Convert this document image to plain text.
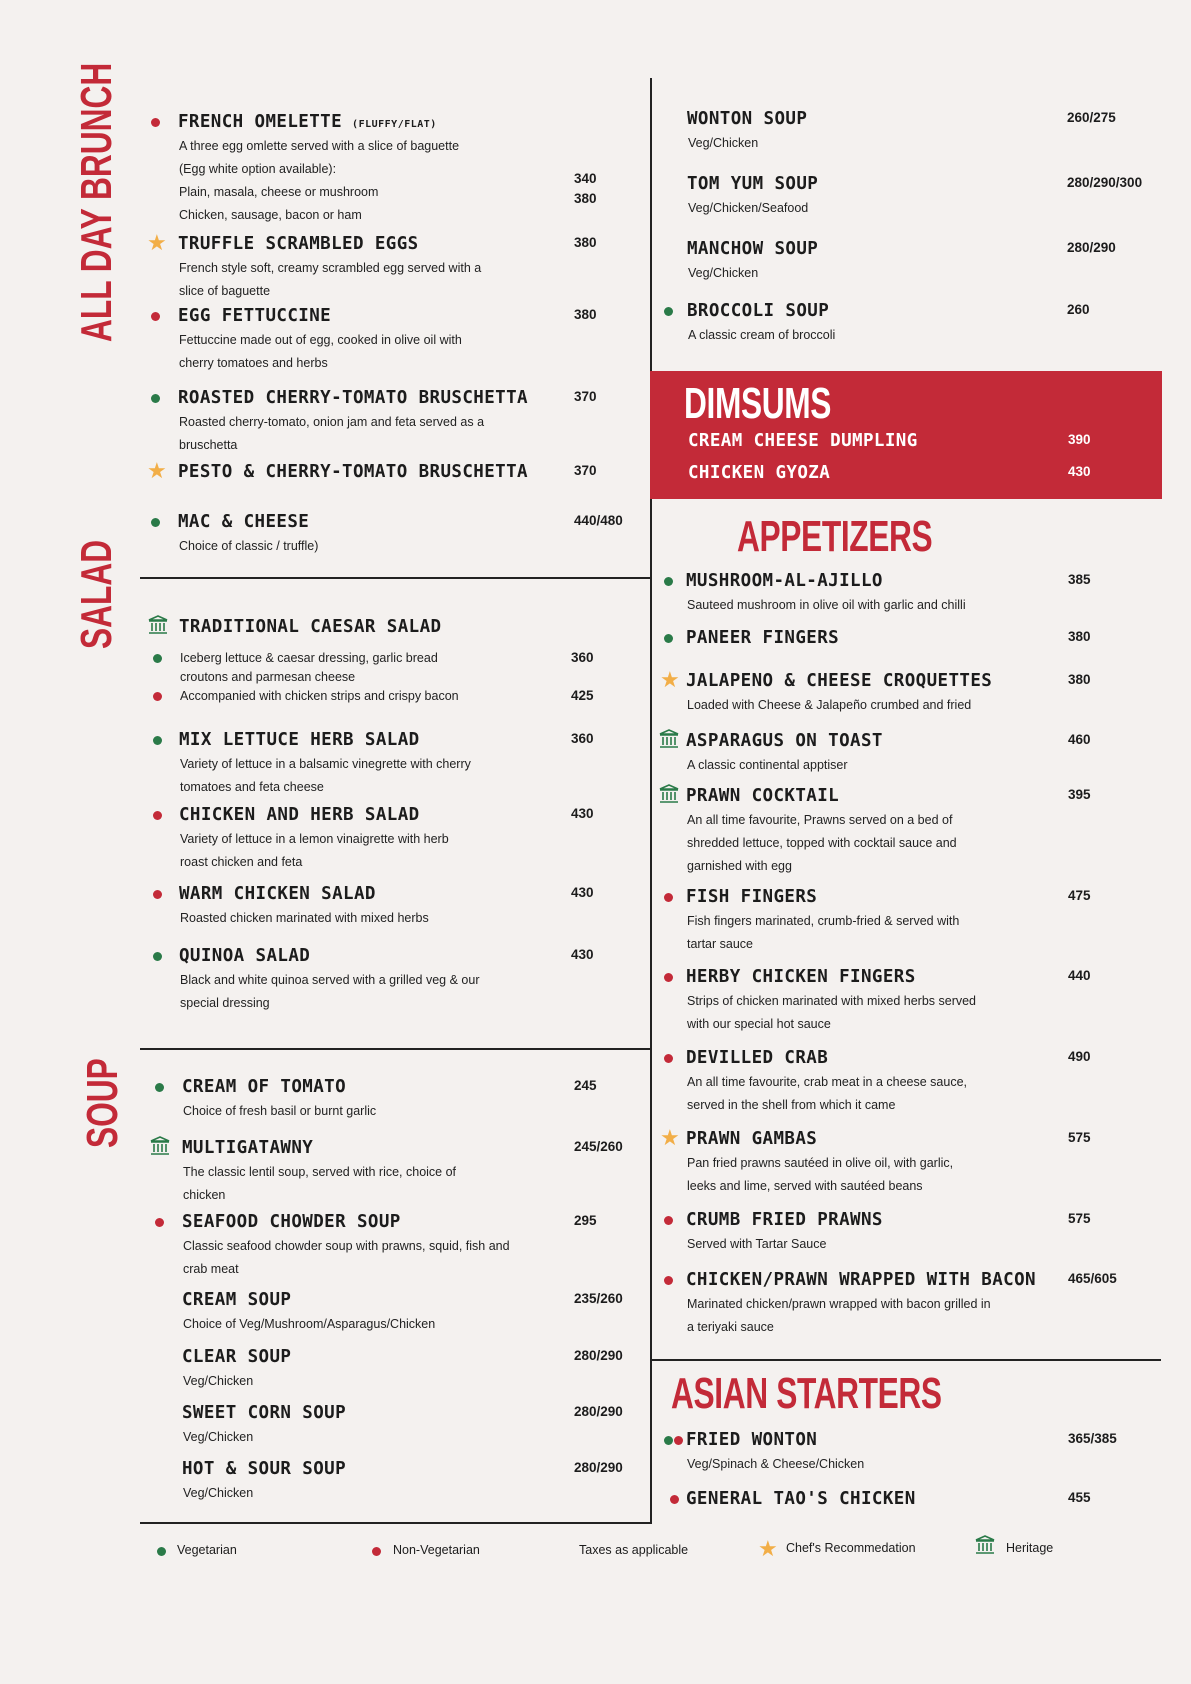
ALL DAY BRUNCH
SALAD
SOUP
DIMSUMS
CREAM CHEESE DUMPLING	390
CHICKEN GYOZA	430
APPETIZERS
ASIAN STARTERS
FRENCH OMELETTE (FLUFFY/FLAT)
A three egg omlette served with a slice of baguette
(Egg white option available):
Plain, masala, cheese or mushroom
Chicken, sausage, bacon or ham
340
380
★ TRUFFLE SCRAMBLED EGGS
French style soft, creamy scrambled egg served with a
slice of baguette
380
EGG FETTUCCINE
Fettuccine made out of egg, cooked in olive oil with
cherry tomatoes and herbs
380
ROASTED CHERRY-TOMATO BRUSCHETTA
Roasted cherry-tomato, onion jam and feta served as a
bruschetta
370
★ PESTO & CHERRY-TOMATO BRUSCHETTA	370
MAC & CHEESE
Choice of classic / truffle)
440/480
TRADITIONAL CAESAR SALAD
Iceberg lettuce & caesar dressing, garlic bread	360
croutons and parmesan cheese
Accompanied with chicken strips and crispy bacon	425
MIX LETTUCE HERB SALAD
Variety of lettuce in a balsamic vinegrette with cherry
tomatoes and feta cheese
360
CHICKEN AND HERB SALAD
Variety of lettuce in a lemon vinaigrette with herb
roast chicken and feta
430
WARM CHICKEN SALAD
Roasted chicken marinated with mixed herbs
430
QUINOA SALAD
Black and white quinoa served with a grilled veg & our
special dressing
430
CREAM OF TOMATO
Choice of fresh basil or burnt garlic
245
MULTIGATAWNY
The classic lentil soup, served with rice, choice of
chicken
245/260
SEAFOOD CHOWDER SOUP
Classic seafood chowder soup with prawns, squid, fish and
crab meat
295
CREAM SOUP
Choice of Veg/Mushroom/Asparagus/Chicken
235/260
CLEAR SOUP
Veg/Chicken
280/290
SWEET CORN SOUP
Veg/Chicken
280/290
HOT & SOUR SOUP
Veg/Chicken
280/290
WONTON SOUP
Veg/Chicken
260/275
TOM YUM SOUP
Veg/Chicken/Seafood
280/290/300
MANCHOW SOUP
Veg/Chicken
280/290
BROCCOLI SOUP
A classic cream of broccoli
260
MUSHROOM-AL-AJILLO
Sauteed mushroom in olive oil with garlic and chilli
385
PANEER FINGERS	380
★ JALAPENO & CHEESE CROQUETTES
Loaded with Cheese & Jalapeño crumbed and fried
380
ASPARAGUS ON TOAST
A classic continental apptiser
460
PRAWN COCKTAIL
An all time favourite, Prawns served on a bed of
shredded lettuce, topped with cocktail sauce and
garnished with egg
395
FISH FINGERS
Fish fingers marinated, crumb-fried & served with
tartar sauce
475
HERBY CHICKEN FINGERS
Strips of chicken marinated with mixed herbs served
with our special hot sauce
440
DEVILLED CRAB
An all time favourite, crab meat in a cheese sauce,
served in the shell from which it came
490
★ PRAWN GAMBAS
Pan fried prawns sautéed in olive oil, with garlic,
leeks and lime, served with sautéed beans
575
CRUMB FRIED PRAWNS
Served with Tartar Sauce
575
CHICKEN/PRAWN WRAPPED WITH BACON
Marinated chicken/prawn wrapped with bacon grilled in
a teriyaki sauce
465/605
FRIED WONTON
Veg/Spinach & Cheese/Chicken
365/385
GENERAL TAO'S CHICKEN	455
Vegetarian	Non-Vegetarian	Taxes as applicable	★ Chef's Recommedation	Heritage
